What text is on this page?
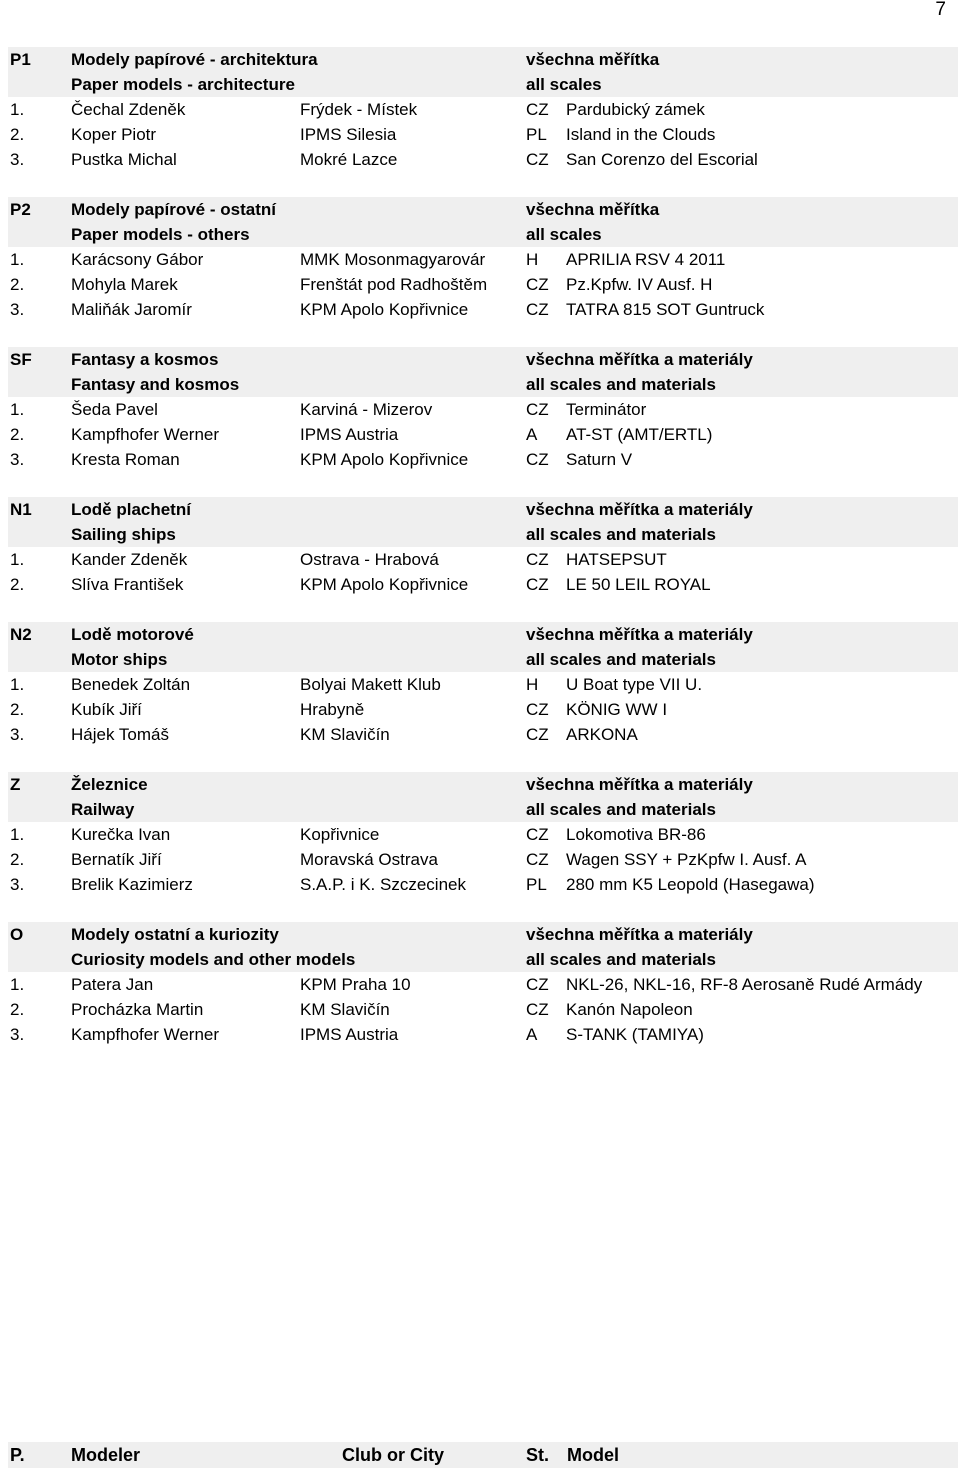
7
P1 Modely papírové - architektura	všechna měřítka
Paper models - architecture	all scales
1.	Čechal Zdeněk	Frýdek - Místek	CZ Pardubický zámek
2.	Koper Piotr	IPMS Silesia	PL Island in the Clouds
3.	Pustka Michal	Mokré Lazce	CZ San Corenzo del Escorial
P2 Modely papírové - ostatní	všechna měřítka
Paper models - others	all scales
1.	Karácsony Gábor	MMK Mosonmagyarovár H APRILIA RSV 4 2011
2.	Mohyla Marek	Frenštát pod Radhoštěm CZ Pz.Kpfw. IV Ausf. H
3.	Maliňák Jaromír	KPM Apolo Kopřivnice	CZ TATRA 815 SOT Guntruck
SF Fantasy a kosmos	všechna měřítka a materiály
Fantasy and kosmos	all scales and materials
1.	Šeda Pavel	Karviná - Mizerov	CZ Terminátor
2.	Kampfhofer Werner	IPMS Austria	A AT-ST (AMT/ERTL)
3.	Kresta Roman	KPM Apolo Kopřivnice	CZ Saturn V
N1 Lodě plachetní	všechna měřítka a materiály
Sailing ships	all scales and materials
1.	Kander Zdeněk	Ostrava - Hrabová	CZ HATSEPSUT
2.	Slíva František	KPM Apolo Kopřivnice	CZ LE 50 LEIL ROYAL
N2 Lodě motorové	všechna měřítka a materiály
Motor ships	all scales and materials
1.	Benedek Zoltán	Bolyai Makett Klub	H U Boat type VII U.
2.	Kubík Jiří	Hrabyně	CZ KÖNIG WW I
3.	Hájek Tomáš	KM Slavičín	CZ ARKONA
Z	Železnice	všechna měřítka a materiály
Railway	all scales and materials
1.	Kurečka Ivan	Kopřivnice	CZ Lokomotiva BR-86
2.	Bernatík Jiří	Moravská Ostrava	CZ Wagen SSY + PzKpfw I. Ausf. A
3.	Brelik Kazimierz	S.A.P. i K. Szczecinek	PL 280 mm K5 Leopold (Hasegawa)
O	Modely ostatní a kuriozity	všechna měřítka a materiály
Curiosity models and other models	all scales and materials
1.	Patera Jan	KPM Praha 10	CZ NKL-26, NKL-16, RF-8 Aerosaně Rudé Armády
2.	Procházka Martin	KM Slavičín	CZ Kanón Napoleon
3.	Kampfhofer Werner	IPMS Austria	A S-TANK (TAMIYA)
P.	Modeler	Club or City	St. Model
